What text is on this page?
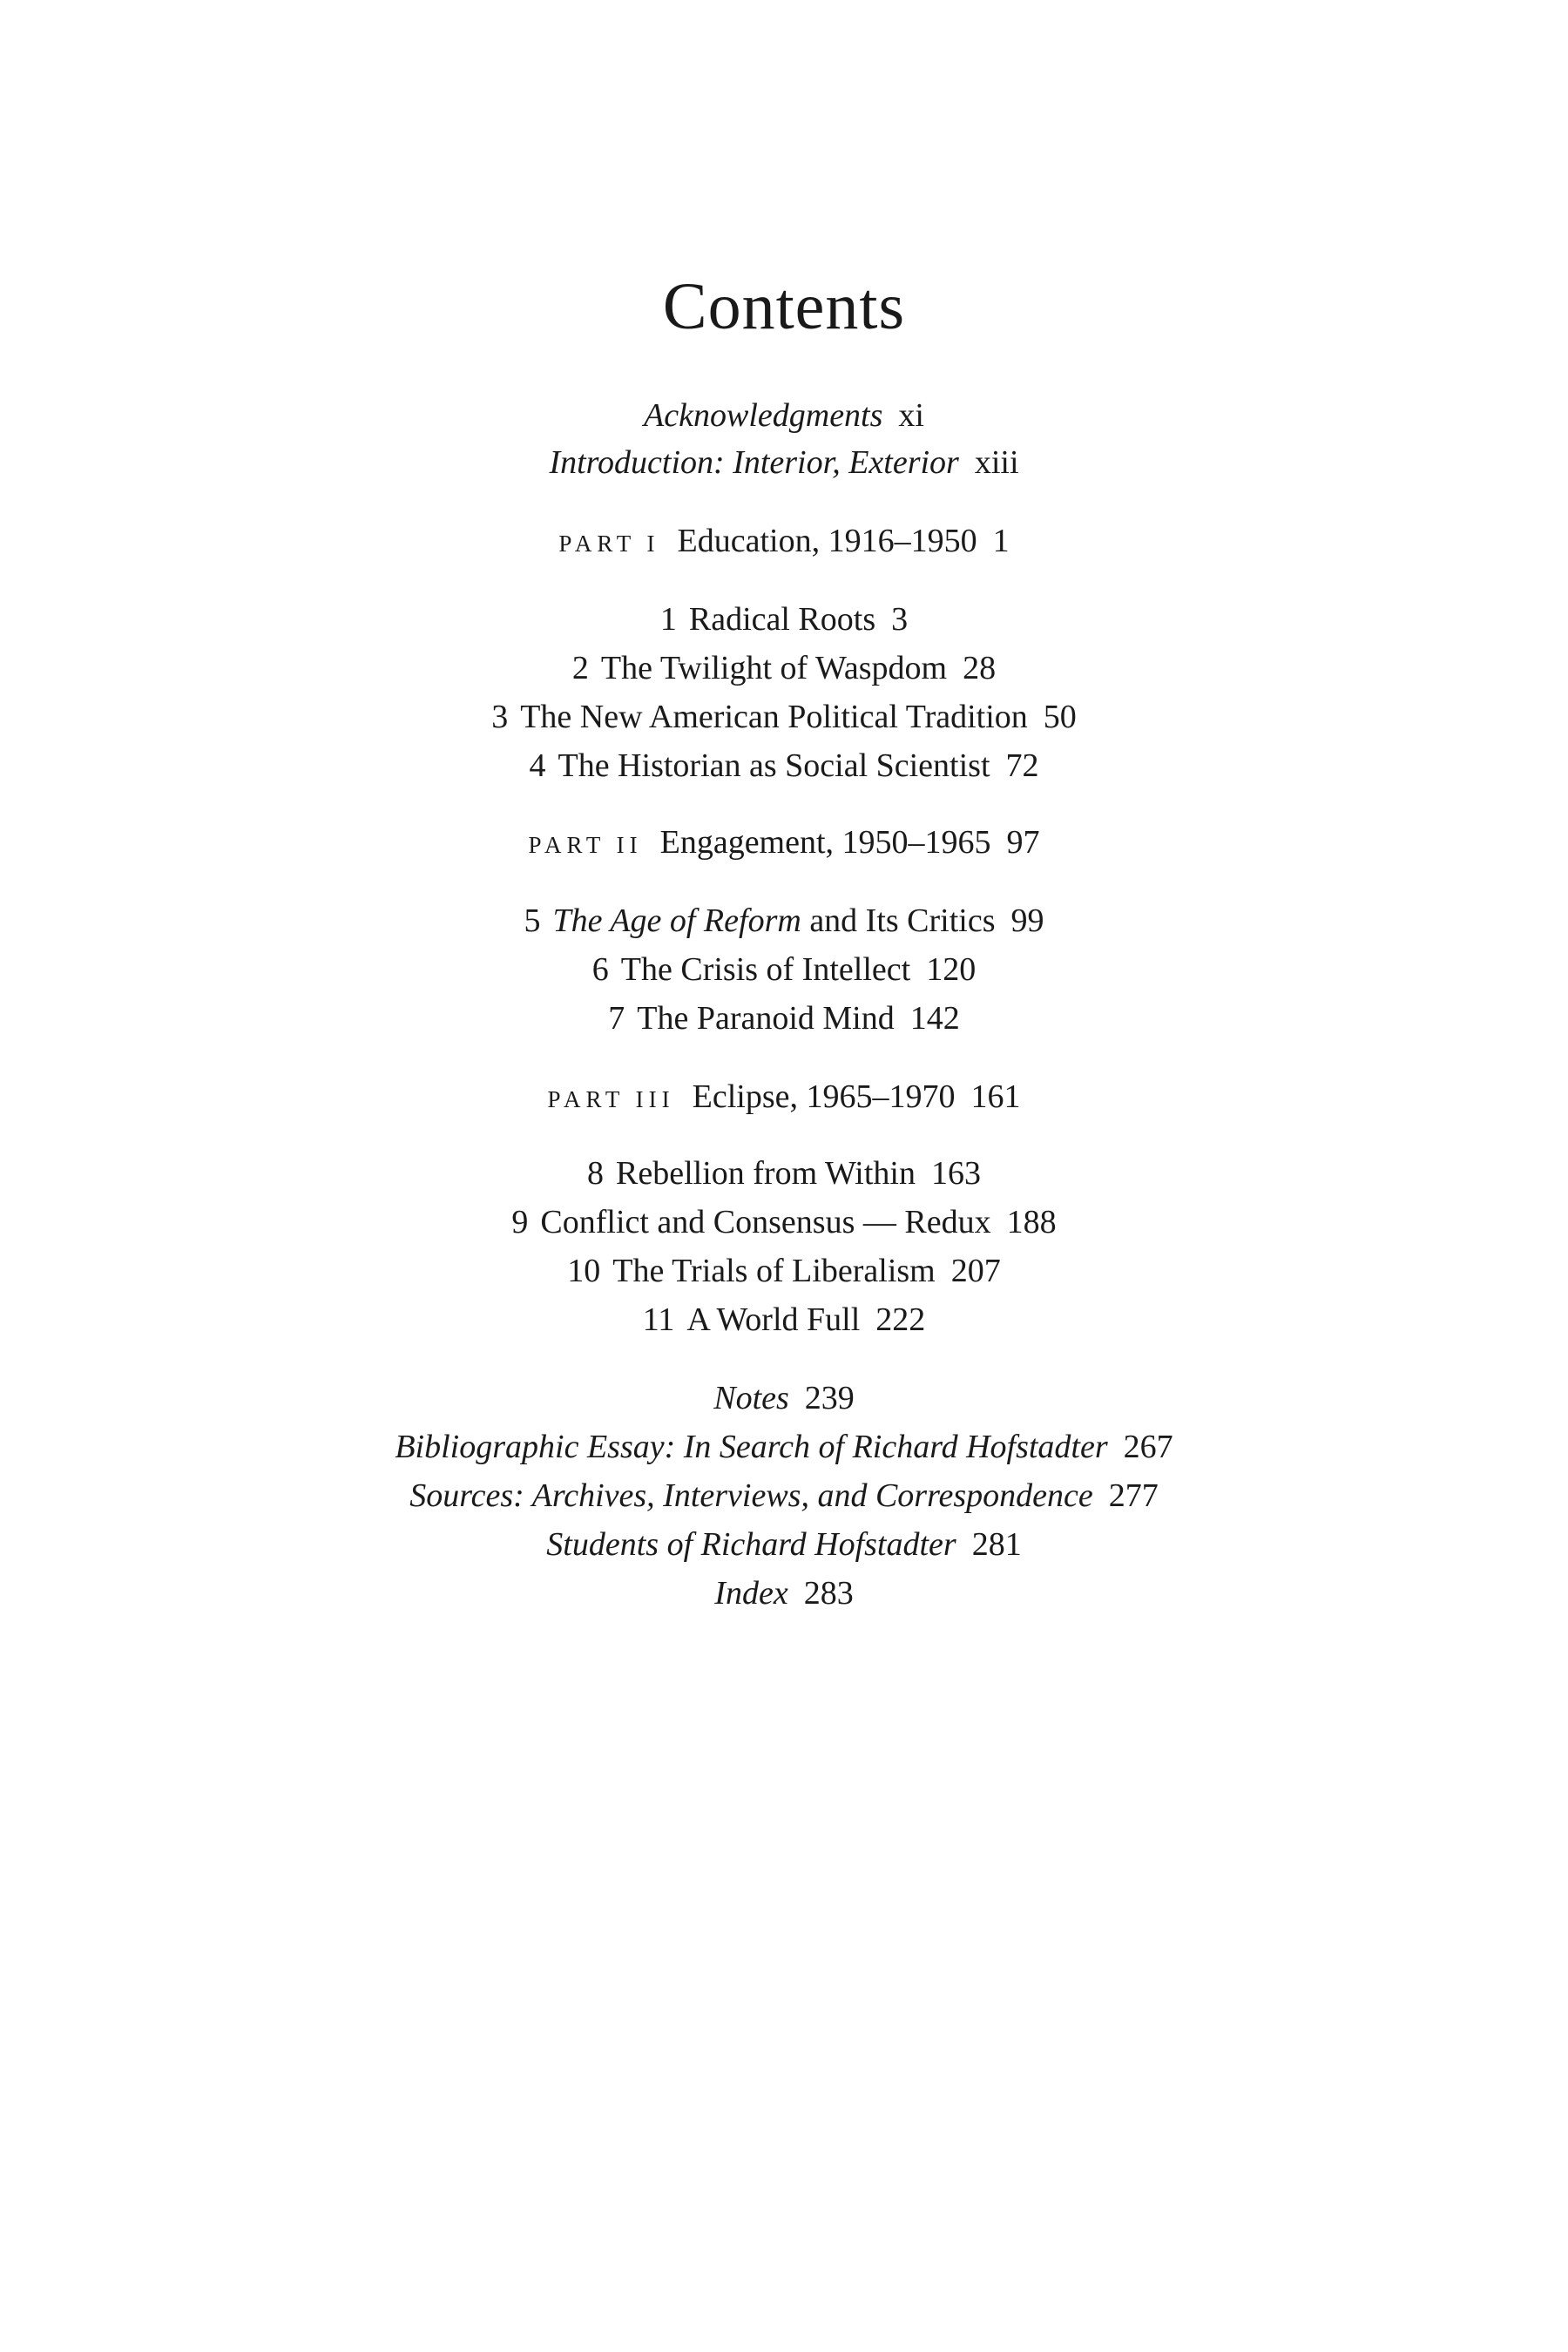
Contents
Acknowledgments xi
Introduction: Interior, Exterior xiii
PART I Education, 1916–1950 1
1 Radical Roots 3
2 The Twilight of Waspdom 28
3 The New American Political Tradition 50
4 The Historian as Social Scientist 72
PART II Engagement, 1950–1965 97
5 The Age of Reform and Its Critics 99
6 The Crisis of Intellect 120
7 The Paranoid Mind 142
PART III Eclipse, 1965–1970 161
8 Rebellion from Within 163
9 Conflict and Consensus — Redux 188
10 The Trials of Liberalism 207
11 A World Full 222
Notes 239
Bibliographic Essay: In Search of Richard Hofstadter 267
Sources: Archives, Interviews, and Correspondence 277
Students of Richard Hofstadter 281
Index 283
